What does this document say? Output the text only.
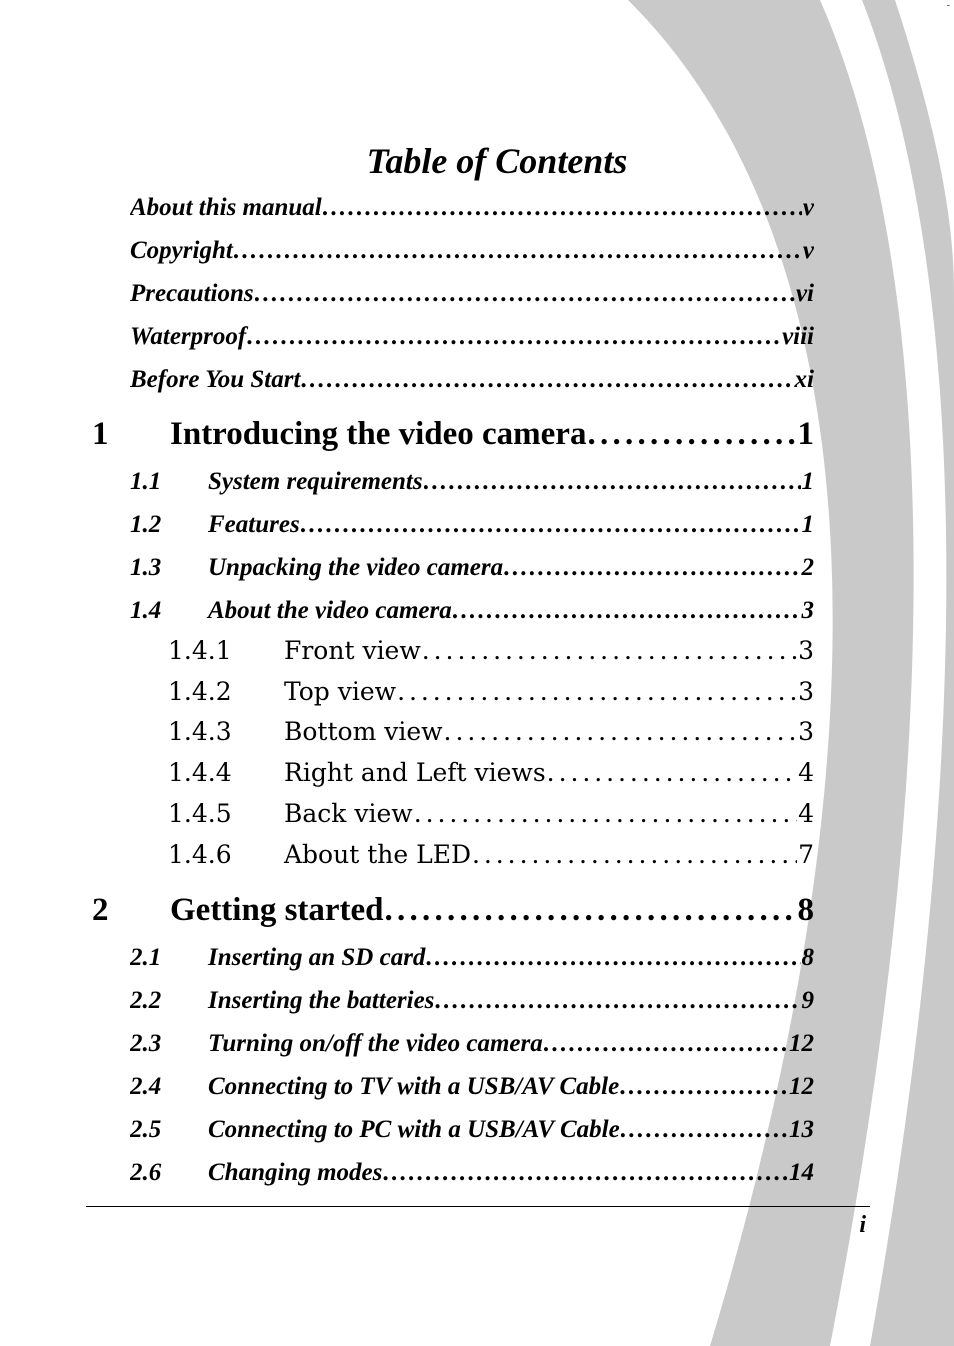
-
Table of Contents
About this manual . . .	v
Copyright . . .	v
Precautions . . .	vi
Waterproof . . .	viii
Before You Start . . .	xi
1	Introducing the video camera . . .	1
1.1	System requirements . . .	1
1.2	Features . . .	1
1.3	Unpacking the video camera . . .	2
1.4	About the video camera . . .	3
1.4.1	Front view . . .	3
1.4.2	Top view . . .	3
1.4.3	Bottom view . . .	3
1.4.4	Right and Left views . . .	4
1.4.5	Back view . . .	4
1.4.6	About the LED . . .	7
2	Getting started . . .	8
2.1	Inserting an SD card . . .	8
2.2	Inserting the batteries . . .	9
2.3	Turning on/off the video camera . . .	12
2.4	Connecting to TV with a USB/AV Cable . . .	12
2.5	Connecting to PC with a USB/AV Cable . . .	13
2.6	Changing modes . . .	14
i
